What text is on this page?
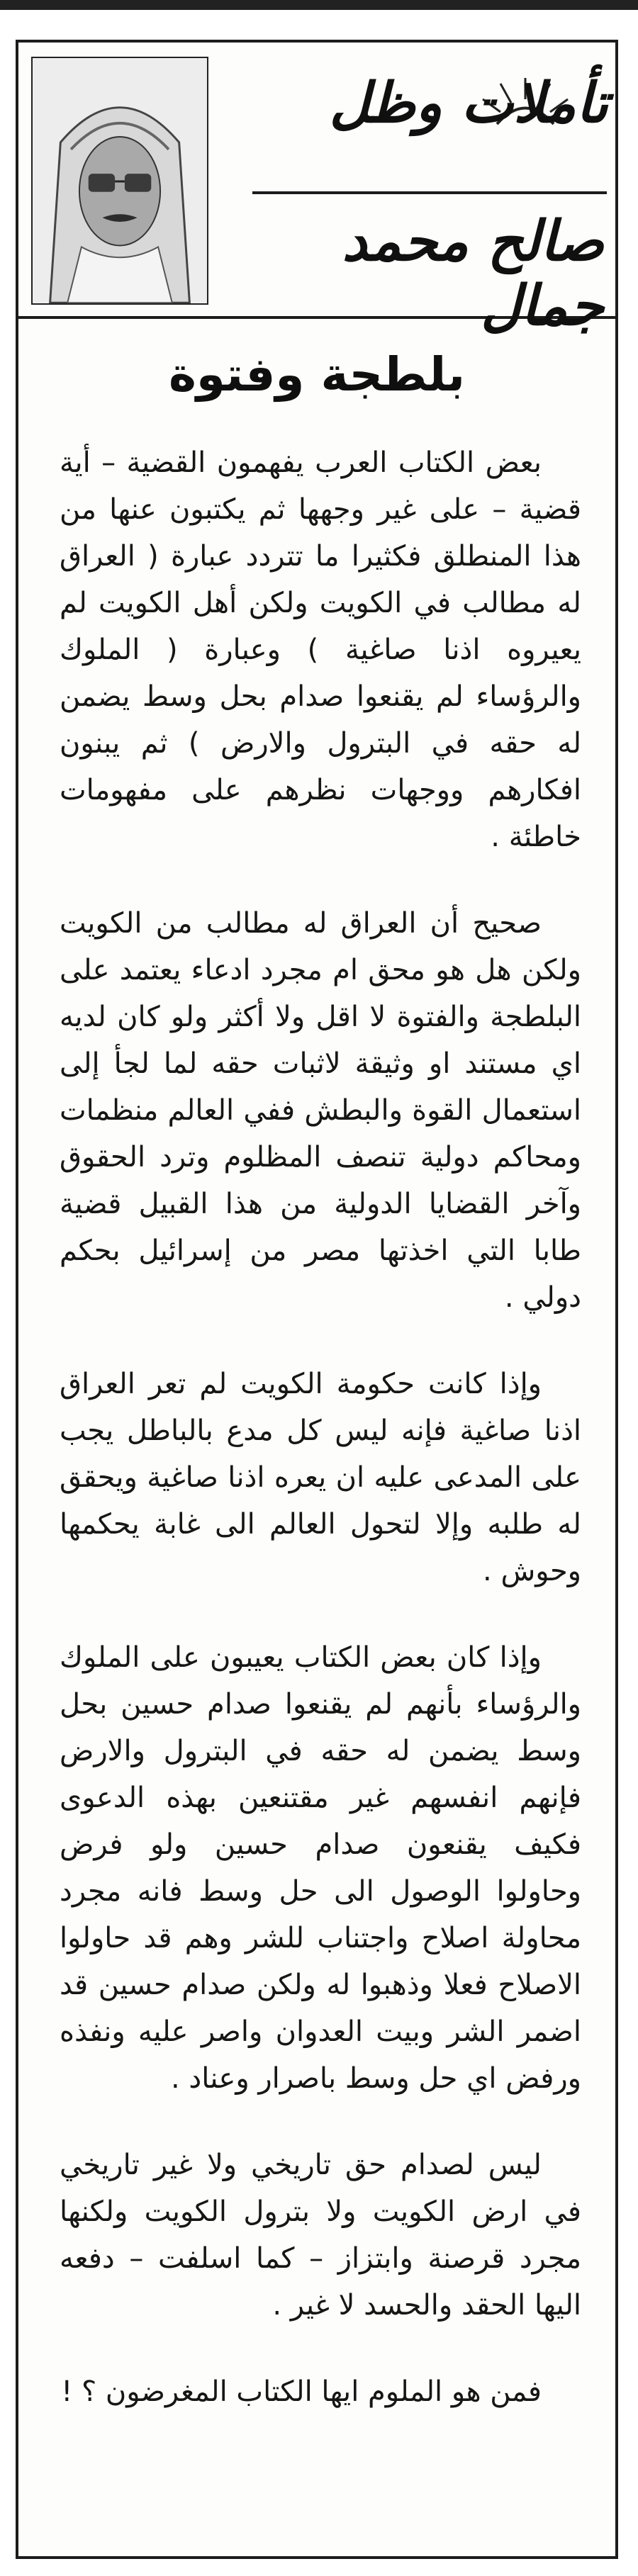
تأملات وظل
صالح محمد جمال
بلطجة وفتوة

بعض الكتاب العرب يفهمون القضية – أية قضية – على غير وجهها ثم يكتبون عنها من هذا المنطلق فكثيرا ما تتردد عبارة ( العراق له مطالب في الكويت ولكن أهل الكويت لم يعيروه اذنا صاغية ) وعبارة ( الملوك والرؤساء لم يقنعوا صدام بحل وسط يضمن له حقه في البترول والارض ) ثم يبنون افكارهم ووجهات نظرهم على مفهومات خاطئة .

صحيح أن العراق له مطالب من الكويت ولكن هل هو محق ام مجرد ادعاء يعتمد على البلطجة والفتوة لا اقل ولا أكثر ولو كان لديه اي مستند او وثيقة لاثبات حقه لما لجأ إلى استعمال القوة والبطش ففي العالم منظمات ومحاكم دولية تنصف المظلوم وترد الحقوق وآخر القضايا الدولية من هذا القبيل قضية طابا التي اخذتها مصر من إسرائيل بحكم دولي .

وإذا كانت حكومة الكويت لم تعر العراق اذنا صاغية فإنه ليس كل مدع بالباطل يجب على المدعى عليه ان يعره اذنا صاغية ويحقق له طلبه وإلا لتحول العالم الى غابة يحكمها وحوش .

وإذا كان بعض الكتاب يعيبون على الملوك والرؤساء بأنهم لم يقنعوا صدام حسين بحل وسط يضمن له حقه في البترول والارض فإنهم انفسهم غير مقتنعين بهذه الدعوى فكيف يقنعون صدام حسين ولو فرض وحاولوا الوصول الى حل وسط فانه مجرد محاولة اصلاح واجتناب للشر وهم قد حاولوا الاصلاح فعلا وذهبوا له ولكن صدام حسين قد اضمر الشر وبيت العدوان واصر عليه ونفذه ورفض اي حل وسط باصرار وعناد .

ليس لصدام حق تاريخي ولا غير تاريخي في ارض الكويت ولا بترول الكويت ولكنها مجرد قرصنة وابتزاز – كما اسلفت – دفعه اليها الحقد والحسد لا غير .

فمن هو الملوم ايها الكتاب المغرضون ؟ !
